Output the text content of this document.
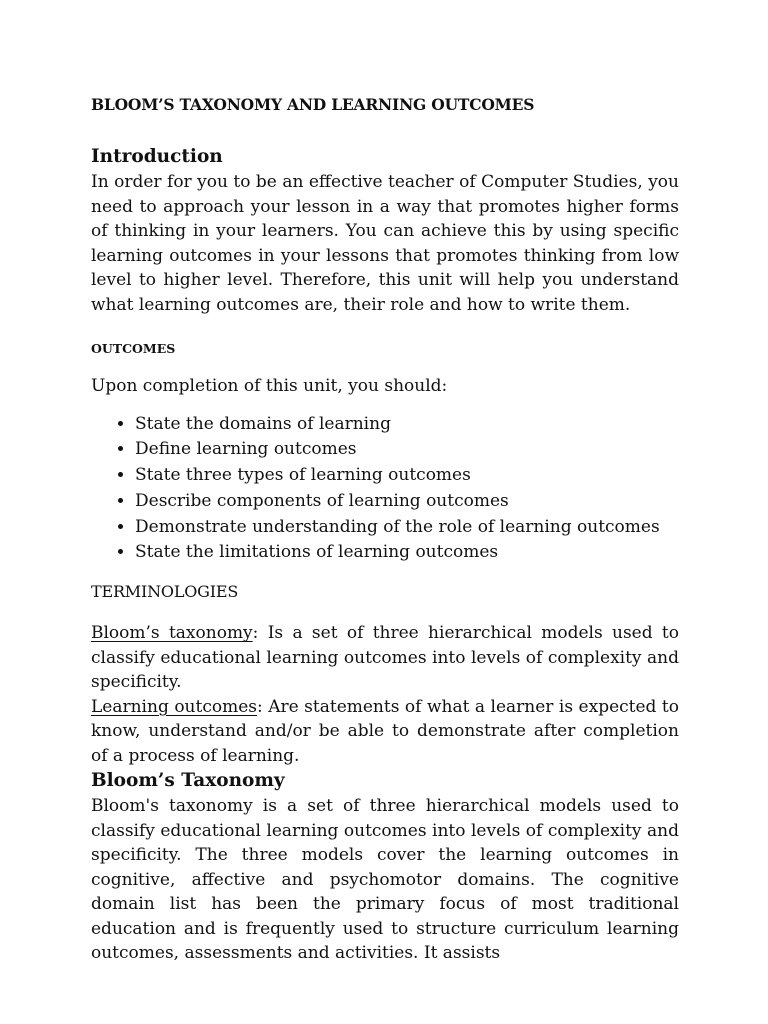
BLOOM’S TAXONOMY AND LEARNING OUTCOMES
Introduction

In order for you to be an effective teacher of Computer Studies, you need to approach your lesson in a way that promotes higher forms of thinking in your learners. You can achieve this by using specific learning outcomes in your lessons that promotes thinking from low level to higher level. Therefore, this unit will help you understand what learning outcomes are, their role and how to write them.

OUTCOMES

Upon completion of this unit, you should:

• State the domains of learning
• Define learning outcomes
• State three types of learning outcomes
• Describe components of learning outcomes
• Demonstrate understanding of the role of learning outcomes
• State the limitations of learning outcomes
TERMINOLOGIES

Bloom’s taxonomy: Is a set of three hierarchical models used to classify educational learning outcomes into levels of complexity and specificity.

Learning outcomes: Are statements of what a learner is expected to know, understand and/or be able to demonstrate after completion of a process of learning.

Bloom’s Taxonomy

Bloom's taxonomy is a set of three hierarchical models used to classify educational learning outcomes into levels of complexity and specificity. The three models cover the learning outcomes in cognitive, affective and psychomotor domains. The cognitive domain list has been the primary focus of most traditional education and is frequently used to structure curriculum learning outcomes, assessments and activities. It assists
